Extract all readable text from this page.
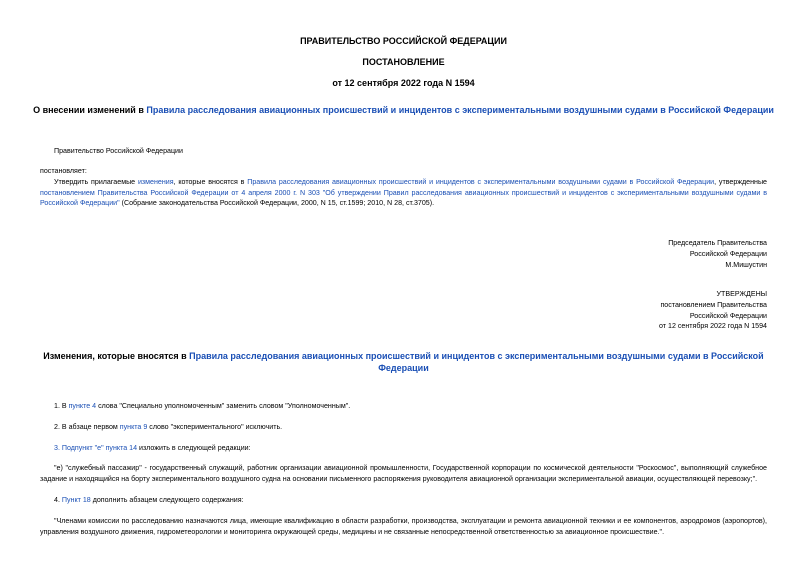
ПРАВИТЕЛЬСТВО РОССИЙСКОЙ ФЕДЕРАЦИИ
ПОСТАНОВЛЕНИЕ
от 12 сентября 2022 года N 1594
О внесении изменений в Правила расследования авиационных происшествий и инцидентов с экспериментальными воздушными судами в Российской Федерации
Правительство Российской Федерации
постановляет:
Утвердить прилагаемые изменения, которые вносятся в Правила расследования авиационных происшествий и инцидентов с экспериментальными воздушными судами в Российской Федерации, утвержденные постановлением Правительства Российской Федерации от 4 апреля 2000 г. N 303 "Об утверждении Правил расследования авиационных происшествий и инцидентов с экспериментальными воздушными судами в Российской Федерации" (Собрание законодательства Российской Федерации, 2000, N 15, ст.1599; 2010, N 28, ст.3705).
Председатель Правительства
Российской Федерации
М.Мишустин
УТВЕРЖДЕНЫ
постановлением Правительства
Российской Федерации
от 12 сентября 2022 года N 1594
Изменения, которые вносятся в Правила расследования авиационных происшествий и инцидентов с экспериментальными воздушными судами в Российской Федерации
1. В пункте 4 слова "Специально уполномоченным" заменить словом "Уполномоченным".
2. В абзаце первом пункта 9 слово "экспериментального" исключить.
3. Подпункт "е" пункта 14 изложить в следующей редакции:
"е) "служебный пассажир" - государственный служащий, работник организации авиационной промышленности, Государственной корпорации по космической деятельности "Роскосмос", выполняющий служебное задание и находящийся на борту экспериментального воздушного судна на основании письменного распоряжения руководителя авиационной организации экспериментальной авиации, осуществляющей перевозку;".
4. Пункт 18 дополнить абзацем следующего содержания:
"Членами комиссии по расследованию назначаются лица, имеющие квалификацию в области разработки, производства, эксплуатации и ремонта авиационной техники и ее компонентов, аэродромов (аэропортов), управления воздушного движения, гидрометеорологии и мониторинга окружающей среды, медицины и не связанные непосредственной ответственностью за авиационное происшествие.".
